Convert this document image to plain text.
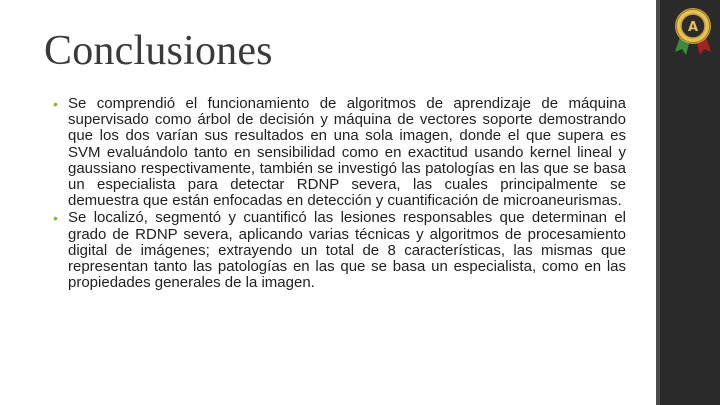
Conclusiones
• Se comprendió el funcionamiento de algoritmos de aprendizaje de máquina supervisado como árbol de decisión y máquina de vectores soporte demostrando que los dos varían sus resultados en una sola imagen, donde el que supera es SVM evaluándolo tanto en sensibilidad como en exactitud usando kernel lineal y gaussiano respectivamente, también se investigó las patologías en las que se basa un especialista para detectar RDNP severa, las cuales principalmente se demuestra que están enfocadas en detección y cuantificación de microaneurismas.
• Se localizó, segmentó y cuantificó las lesiones responsables que determinan el grado de RDNP severa, aplicando varias técnicas y algoritmos de procesamiento digital de imágenes; extrayendo un total de 8 características, las mismas que representan tanto las patologías en las que se basa un especialista, como en las propiedades generales de la imagen.
A
